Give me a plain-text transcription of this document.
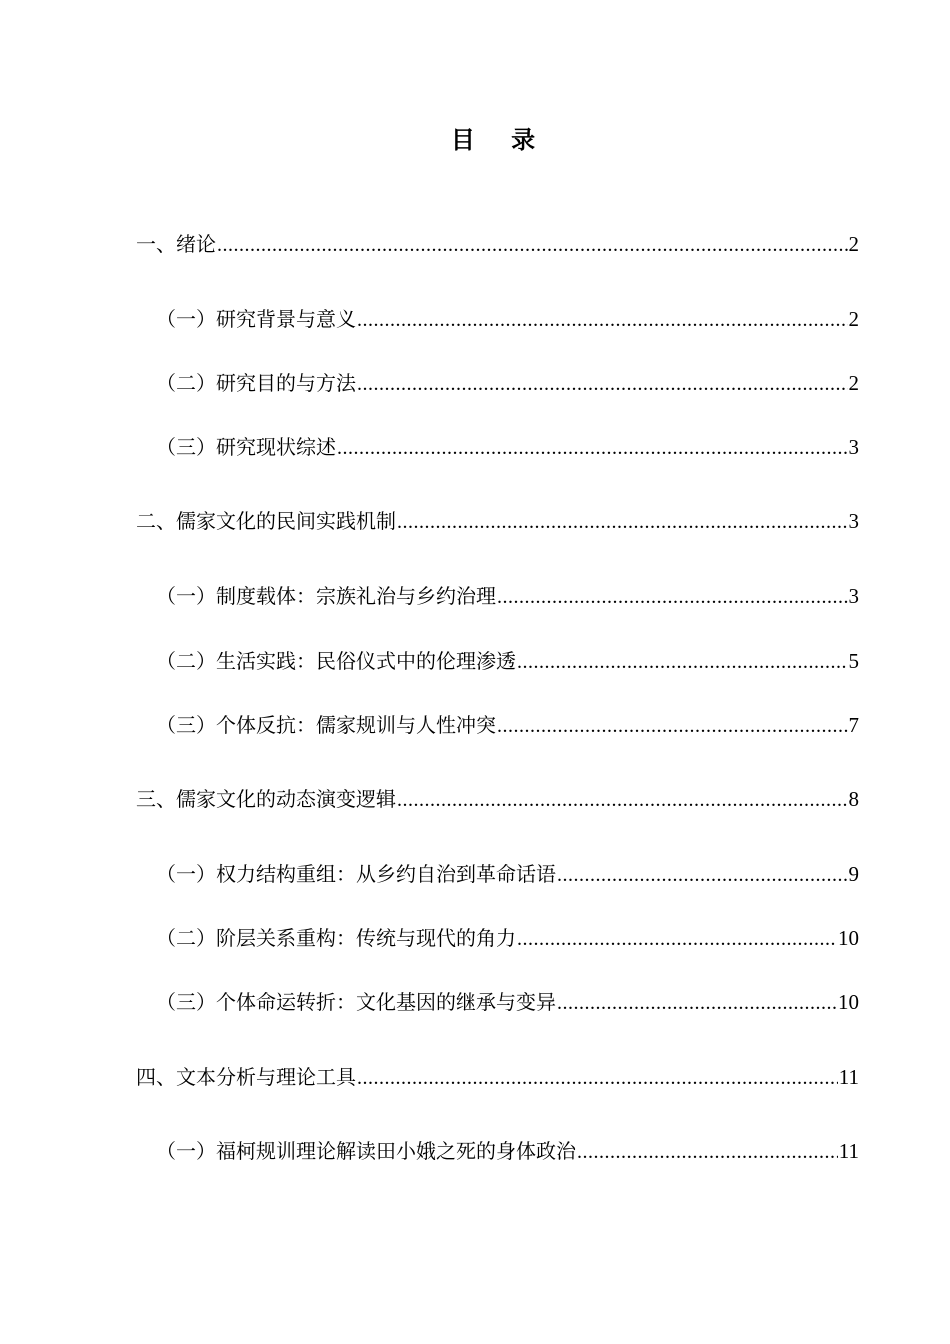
目 录
一、绪论 .....	2
（一）研究背景与意义 .....	2
（二）研究目的与方法 .....	2
（三）研究现状综述 .....	3
二、儒家文化的民间实践机制 .....	3
（一）制度载体：宗族礼治与乡约治理 .....	3
（二）生活实践：民俗仪式中的伦理渗透 .....	5
（三）个体反抗：儒家规训与人性冲突 .....	7
三、儒家文化的动态演变逻辑 .....	8
（一）权力结构重组：从乡约自治到革命话语 .....	9
（二）阶层关系重构：传统与现代的角力 .....	10
（三）个体命运转折：文化基因的继承与变异 .....	10
四、文本分析与理论工具 .....	11
（一）福柯规训理论解读田小娥之死的身体政治 .....	11
